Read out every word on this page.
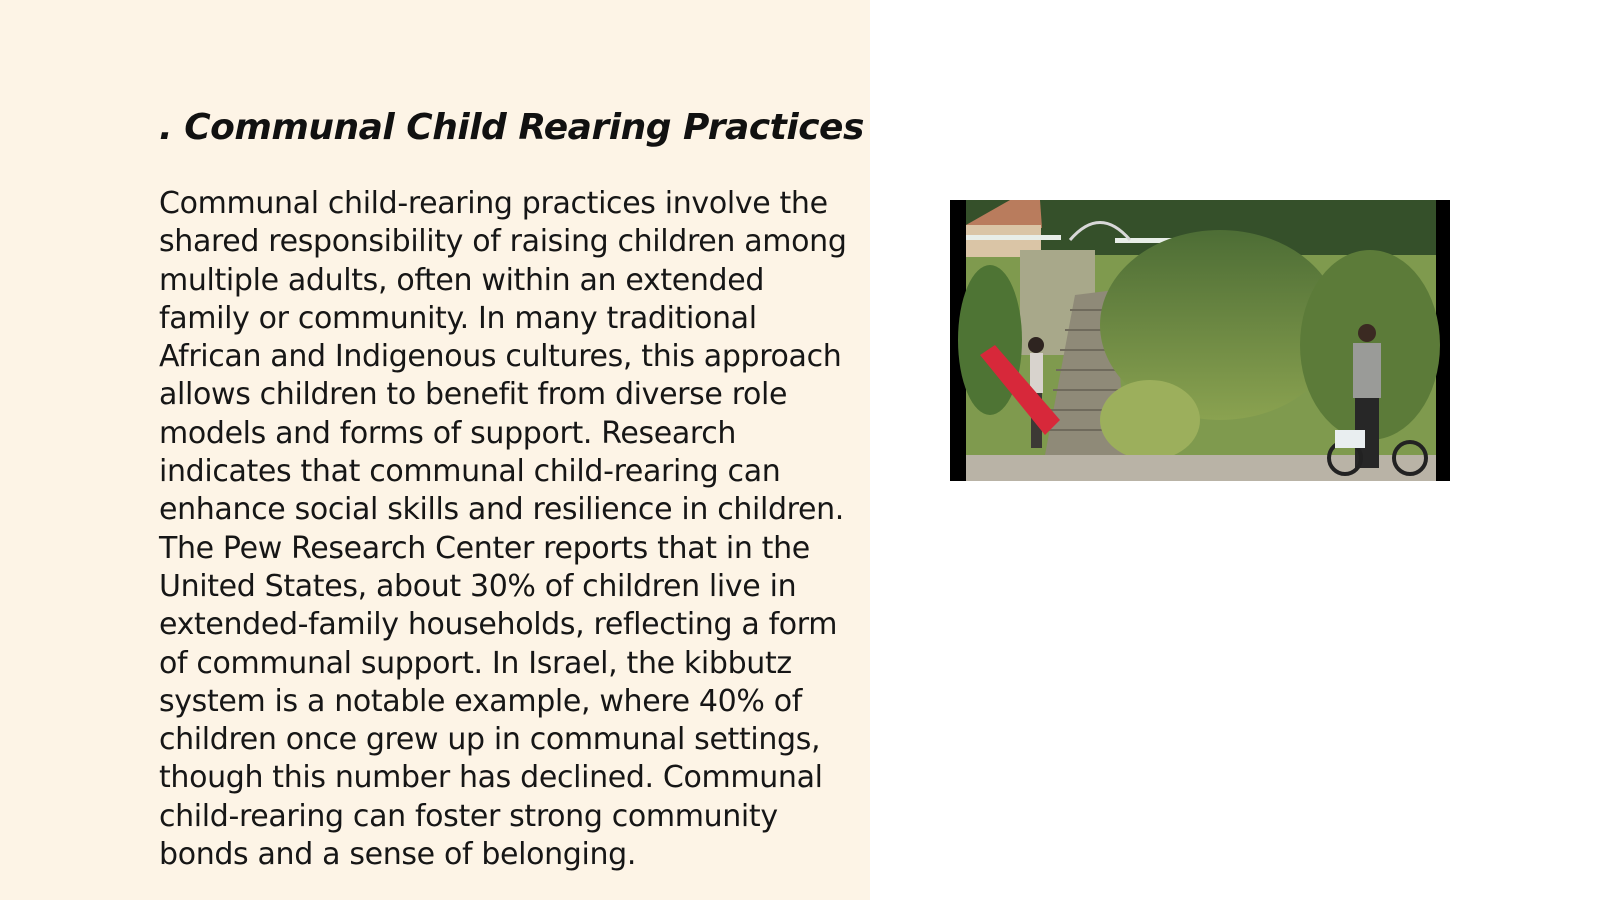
. Communal Child Rearing Practices

Communal child-rearing practices involve the shared responsibility of raising children among multiple adults, often within an extended family or community. In many traditional African and Indigenous cultures, this approach allows children to benefit from diverse role models and forms of support. Research indicates that communal child-rearing can enhance social skills and resilience in children. The Pew Research Center reports that in the United States, about 30% of children live in extended-family households, reflecting a form of communal support. In Israel, the kibbutz system is a notable example, where 40% of children once grew up in communal settings, though this number has declined. Communal child-rearing can foster strong community bonds and a sense of belonging.
